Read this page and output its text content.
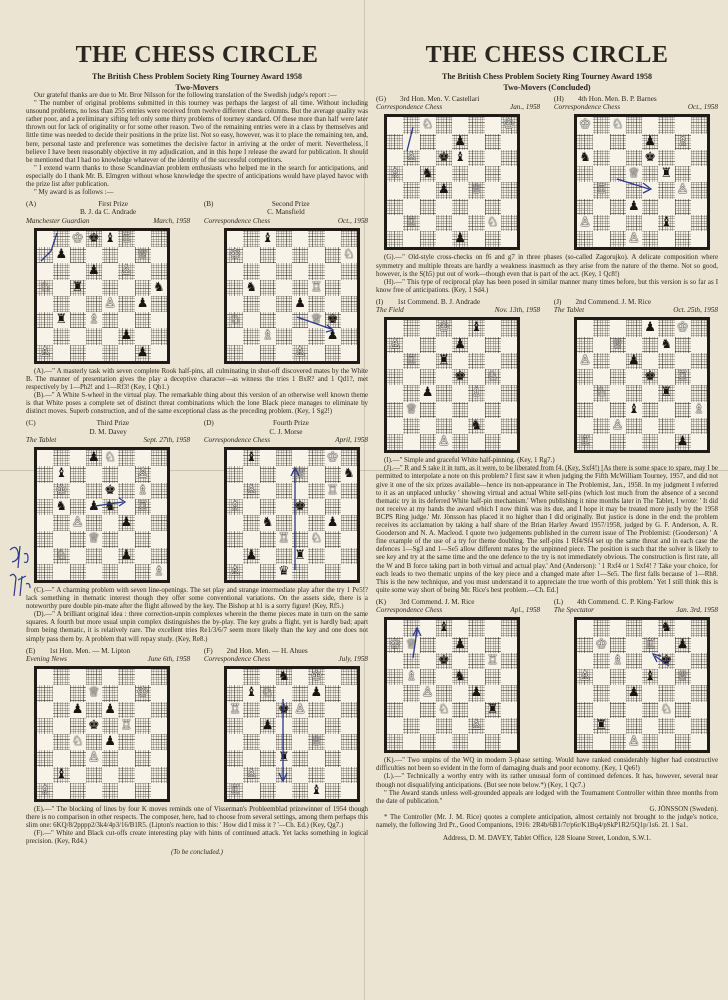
THE CHESS CIRCLE
The British Chess Problem Society Ring Tourney Award 1958
Two-Movers

Our grateful thanks are due to Mr. Bror Nilsson for the following translation of the Swedish judge's report :—

" The number of original problems submitted in this tourney was perhaps the largest of all time. Without including unsound problems, no less than 255 entries were received from twelve different chess columns. But the average quality was rather poor, and a preliminary sifting left only some thirty problems of tourney standard. Of these more than half were later thrown out for lack of originality or for some other reason. Two of the remaining entries were in a class by themselves and little time was needed to decide their positions in the prize list. Not so easy, however, was it to place the remaining ten, and, here, personal taste and preference was sometimes the decisive factor in arriving at the order of merit. Nevertheless, I believe I have been reasonably objective in my adjudication, and in this hope I release the award for publication. It should be mentioned that I had no knowledge whatever of the identity of the successful competitors.

" I extend warm thanks to those Scandinavian problem enthusiasts who helped me in the search for anticipations, and especially do I thank Mr. B. Elmgren without whose knowledge the spectre of anticipations would have played havoc with the prize list after publication.

" My award is as follows :—

(A)	First Prize
B. J. da C. Andrade
Manchester Guardian	March, 1958
(B)	Second Prize
C. Mansfield
Correspondence Chess	Oct., 1958
♔ ♚ ♝ ♖
♟	♕
♟ ♙
♘ ♜	♞
♙ ♟
♜ ♗
♟
♙	♟
♔
♝
♘
♞	♖
♟
♕ ♚
♗	♟
♙
♘

(A).—" A masterly task with seven complete Rook half-pins, all culminating in shut-off discovered mates by the White B. The manner of presentation gives the play a deceptive character—as witness the tries 1 BxR? and 1 Qd1?, met respectively by 1—Ph2! and 1—Rf3! (Key, 1 Qb1.)

(B).—" A White S-wheel in the virtual play. The remarkable thing about this version of an otherwise well known theme is that White poses a complete set of distinct threat combinations which the lone Black piece manages to eliminate by distinct moves. Superb construction, and of the same exceptional class as the preceding problem. (Key, 1 Sg2!)

(C)	Third Prize
D. M. Davey
The Tablet	Sept. 27th, 1958
(D)	Fourth Prize
C. J. Morse
Correspondence Chess	April, 1958
♟ ♘
♝	♙
♔	♚ ♗
♞ ♟ ♞ ♖
♙	♟
♕
♘	♟
♗
♔
♝
♕	♞
♙	♖
♗	♚
♞	♟
♖ ♘
♟	♜
♙	♛

(C).—" A charming problem with seven line-openings. The set play and strange intermediate play after the try 1 Pe5!? lack something in thematic interest though they offer some conventional variations. On the assets side, there is a noteworthy pure double pin-mate after the flight allowed by the key. The Bishop at h1 is a sorry figure! (Key, Rf5.)

(D).—" A brilliant original idea : three correction-unpin complexes wherein the theme pieces mate in turn on the same squares. A fourth but more usual unpin complex distinguishes the by-play. The key grabs a flight, yet is hardly bad; apart from being thematic, it is relatively rare. The excellent tries Re1/3/6/7 seem more likely than the key and one does not simply pass them by. A problem that will repay study. (Key, Re8.)

(E) 1st Hon. Men. — M. Lipton
Evening News	June 6th, 1958
(F) 2nd Hon. Men. — H. Ahues
Correspondence Chess	July, 1958
♔
♕
♟ ♟
♖
♚
♟
♘
♙
♝
♗
♞ ♔
♝ ♘	♟
♖	♚ ♙
♟
♕
♜
♙
♖	♝

(E).—" The blocking of lines by four K moves reminds one of Visserman's Probleemblad prizewinner of 1954 though there is no comparison in other respects. The composer, here, had to choose from several settings, among them perhaps this slim one: 6KQ/8/2pppp2/3k4/4p3/16/B1R5. (Lipton's reaction to this: ' How did I miss it ? '—Ch. Ed.) (Key, Qg7.)

(F).—" White and Black cut-offs create interesting play with hints of continued attack. Yet lacks something in logical precision. (Key, Rd4.)

(To be concluded.)
THE CHESS CIRCLE
The British Chess Problem Society Ring Tourney Award 1958
Two-Movers (Concluded)
(G) 3rd Hon. Men. V. Castellari
Correspondence Chess	Jan., 1958
(H) 4th Hon. Men. B. P. Barnes
Correspondence Chess	Oct., 1958
♔
♘
♟
♙ ♚ ♝
♗ ♞
♕
♟
♖	♘
♟
♔ ♘
♟ ♗
♞	♚
♕ ♜
♖	♙
♟
♙	♝
♙

(G).—" Old-style cross-checks on f6 and g7 in three phases (so-called Zagorujko). A delicate composition where symmetry and multiple threats are hardly a weakness inasmuch as they arise from the nature of the theme. Not so good, however, is the S(h5) put out of work—though even that is part of the act. (Key, 1 Qc8!)

(H).—" This type of reciprocal play has been posed in similar manner many times before, but this version is so far as I know free of anticipations. (Key, 1 Sd4.)

(I) 1st Commend. B. J. Andrade
The Field	Nov. 13th, 1958
(J) 2nd Commend. J. M. Rice
The Tablet	Oct. 25th, 1958
♔ ♝
♙	♟
♖ ♜
♚ ♘
♟	♗
♕
♞
♙
♟ ♔
♕	♞
♙	♟
♚ ♖
♘	♜
♝	♗
♙
♖	♟

(I).—" Simple and graceful White half-pinning. (Key, 1 Rg7.)

(J).—" R and S take it in turn, as it were, to be liberated from f4. (Key, Sxf4!) [As there is some space to spare, may I be permitted to interpolate a note on this problem? I first saw it when judging the Fifth McWilliam Tourney, 1957, and did not give it one of the six prizes available—hence its non-appearance in The Problemist, Jan., 1958. In my judgment I referred to it as an unplaced unlucky ' showing virtual and actual White self-pins (which lost much from the absence of a second thematic try in its deferred White half-pin mechanism.' When publishing it nine months later in The Tablet, I wrote: ' It did not receive at my hands the award which I now think was its due, and I hope it may be treated more justly by the 1958 BCPS Ring judge.' Mr. Jönsson has placed it no higher than I did originally. But justice is done in the end: the problem receives its acclamation by taking a half share of the Brian Harley Award 1957/1958, judged by G. F. Anderson, A. R. Gooderson and N. A. Macleod. I quote two judgements published in the current issue of The Problemist: (Gooderson) ' A fine example of the use of a try for theme doubling. The self-pins 1 Rf4/Sf4 set up the same threat and in each case the defences 1—Sg3 and 1—Se5 allow different mates by the unpinned piece. The position is such that the solver is likely to see key and try at the same time and the one defence to the try is not immediately obvious. The construction is first rate, all the W and B force taking part in both virtual and actual play.' And (Anderson): ' 1 Rxf4 or 1 Sxf4! ? Take your choice, for each leads to two thematic unpins of the key piece and a changed mate after 1—Se5. The first falls because of 1—Rh8. This is the new technique, and you must understand it to appreciate the true worth of this problem.' Yet I still think this is quite some way short of being Mr. Rice's best problem.—Ch. Ed.]

(K) 3rd Commend. J. M. Rice
Correspondence Chess	Apl., 1958
(L) 4th Commend. C. P. King-Farlow
The Spectator	Jan. 3rd, 1958
♔
♝
♕	♟
♚	♖
♗	♞
♙	♟
♘	♜
♙
♞
♔	♖ ♟
♗	♚
♙	♝ ♕
♟
♘
♜
♙

(K).—" Two unpins of the WQ in modern 3-phase setting. Would have ranked considerably higher had constructive difficulties not been so evident in the form of damaging duals and poor economy. (Key, 1 Qe6!)

(L).—" Technically a worthy entry with its rather unusual form of continued defences. It has, however, several near though not disqualifying anticipations. (But see note below.*) (Key, 1 Qc7.)

" The Award stands unless well-grounded appeals are lodged with the Tournament Controller within three months from the date of publication."

G. JÖNSSON (Sweden).

* The Controller (Mr. J. M. Rice) quotes a complete anticipation, almost certainly not brought to the judge's notice, namely, the following 3rd Pr., Good Companions, 1916: 2R4b/6B1/7r/p6r/K1Bq4/pSkP1R2/5Q1p/1s6. 2I. 1 Sa1.

Address, D. M. DAVEY, Tablet Office, 128 Sloane Street, London, S.W.1.
